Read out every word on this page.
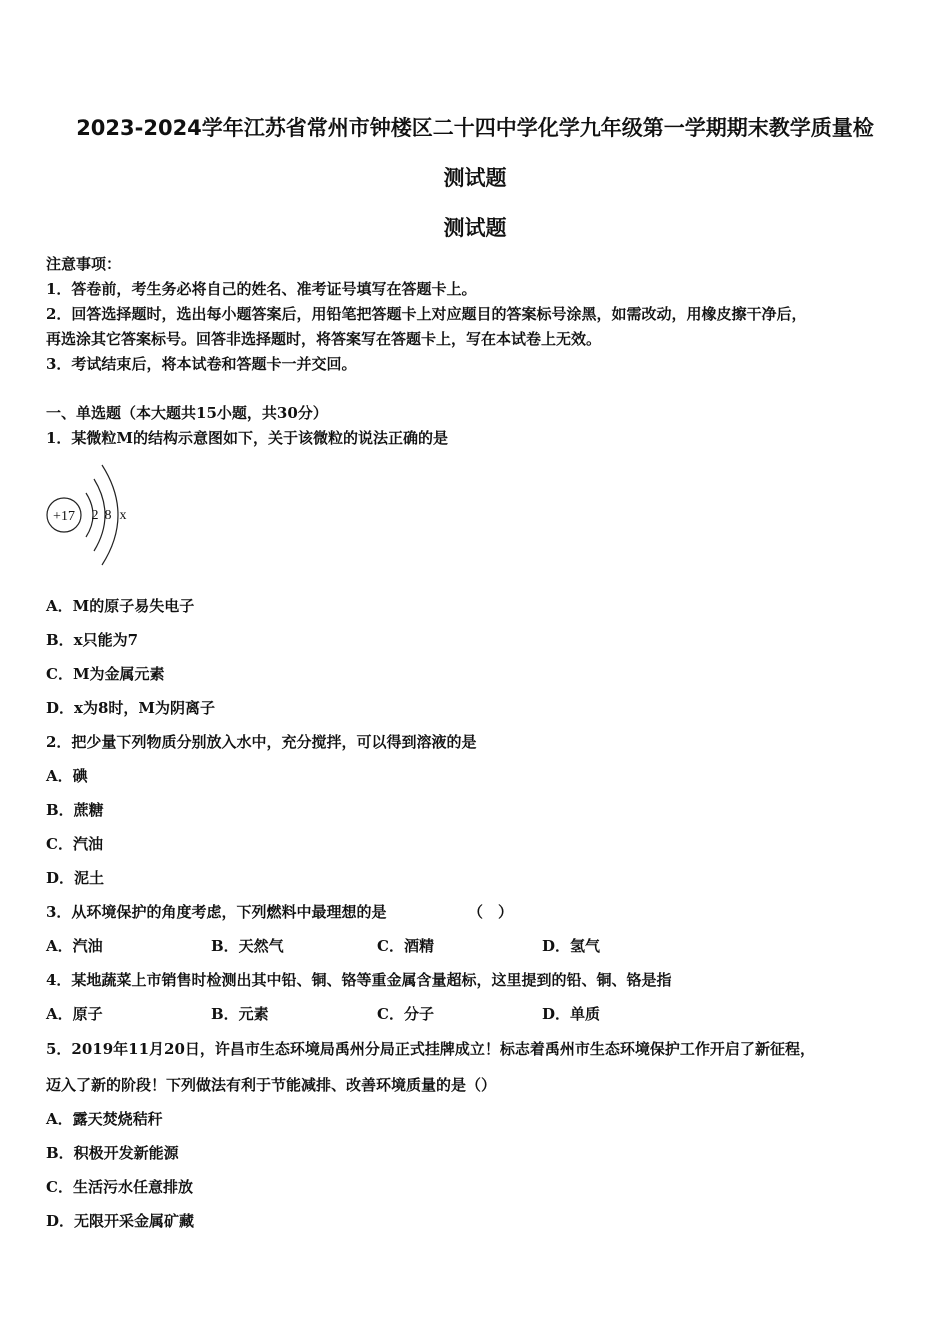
2023-2024学年江苏省常州市钟楼区二十四中学化学九年级第一学期期末教学质量检
测试题
测试题
注意事项：
1．答卷前，考生务必将自己的姓名、准考证号填写在答题卡上。
2．回答选择题时，选出每小题答案后，用铅笔把答题卡上对应题目的答案标号涂黑，如需改动，用橡皮擦干净后，
再选涂其它答案标号。回答非选择题时，将答案写在答题卡上，写在本试卷上无效。
3．考试结束后，将本试卷和答题卡一并交回。
一、单选题（本大题共15小题，共30分）
1．某微粒M的结构示意图如下，关于该微粒的说法正确的是
+17 2 8 x
A．M的原子易失电子
B．x只能为7
C．M为金属元素
D．x为8时，M为阴离子
2．把少量下列物质分别放入水中，充分搅拌，可以得到溶液的是
A．碘
B．蔗糖
C．汽油
D．泥土
3．从环境保护的角度考虑，下列燃料中最理想的是	（　）
A．汽油	B．天然气	C．酒精	D．氢气
4．某地蔬菜上市销售时检测出其中铅、铜、铬等重金属含量超标，这里提到的铅、铜、铬是指
A．原子	B．元素	C．分子	D．单质
5．2019年11月20日，许昌市生态环境局禹州分局正式挂牌成立！标志着禹州市生态环境保护工作开启了新征程，
迈入了新的阶段！下列做法有利于节能减排、改善环境质量的是（）
A．露天焚烧秸秆
B．积极开发新能源
C．生活污水任意排放
D．无限开采金属矿藏
